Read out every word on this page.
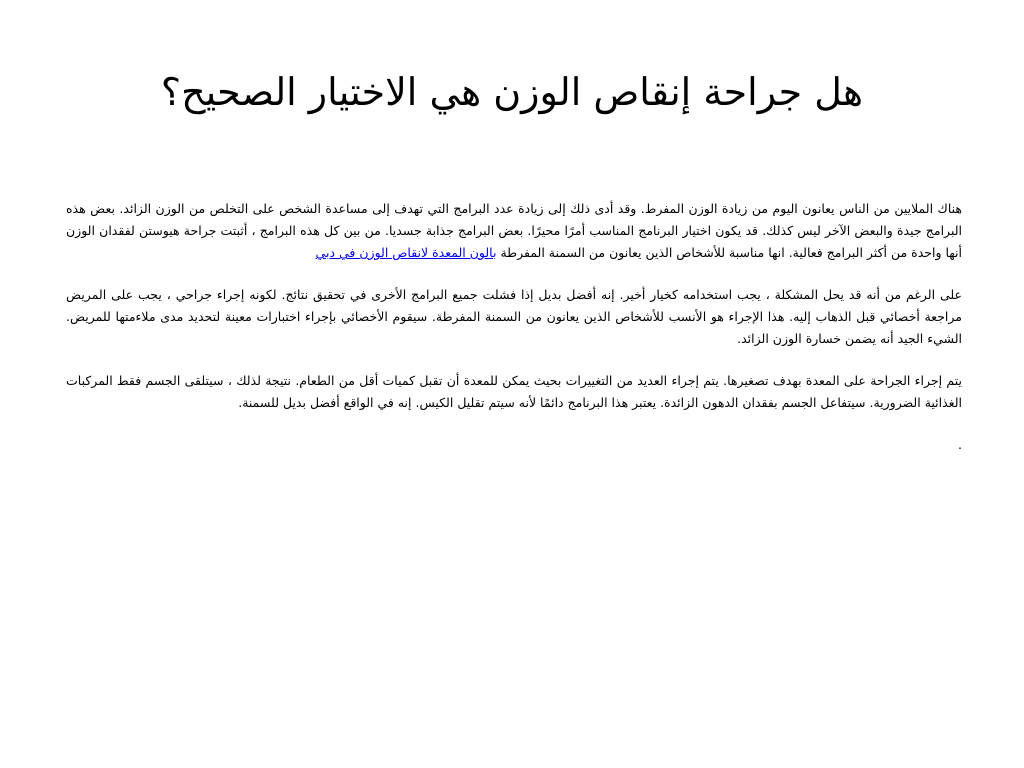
هل جراحة إنقاص الوزن هي الاختيار الصحيح؟

هناك الملايين من الناس يعانون اليوم من زيادة الوزن المفرط. وقد أدى ذلك إلى زيادة عدد البرامج التي تهدف إلى مساعدة الشخص على التخلص من الوزن الزائد. بعض هذه البرامج جيدة والبعض الآخر ليس كذلك. قد يكون اختيار البرنامج المناسب أمرًا محيرًا. بعض البرامج جذابة جسديا. من بين كل هذه البرامج ، أثبتت جراحة هيوستن لفقدان الوزن أنها واحدة من أكثر البرامج فعالية. انها مناسبة للأشخاص الذين يعانون من السمنة المفرطة بالون المعدة لانقاص الوزن في دبي

على الرغم من أنه قد يحل المشكلة ، يجب استخدامه كخيار أخير. إنه أفضل بديل إذا فشلت جميع البرامج الأخرى في تحقيق نتائج. لكونه إجراء جراحي ، يجب على المريض مراجعة أخصائي قبل الذهاب إليه. هذا الإجراء هو الأنسب للأشخاص الذين يعانون من السمنة المفرطة. سيقوم الأخصائي بإجراء اختبارات معينة لتحديد مدى ملاءمتها للمريض. الشيء الجيد أنه يضمن خسارة الوزن الزائد.

يتم إجراء الجراحة على المعدة بهدف تصغيرها. يتم إجراء العديد من التغييرات بحيث يمكن للمعدة أن تقبل كميات أقل من الطعام. نتيجة لذلك ، سيتلقى الجسم فقط المركبات الغذائية الضرورية. سيتفاعل الجسم بفقدان الدهون الزائدة. يعتبر هذا البرنامج دائمًا لأنه سيتم تقليل الكيس. إنه في الواقع أفضل بديل للسمنة.

.
